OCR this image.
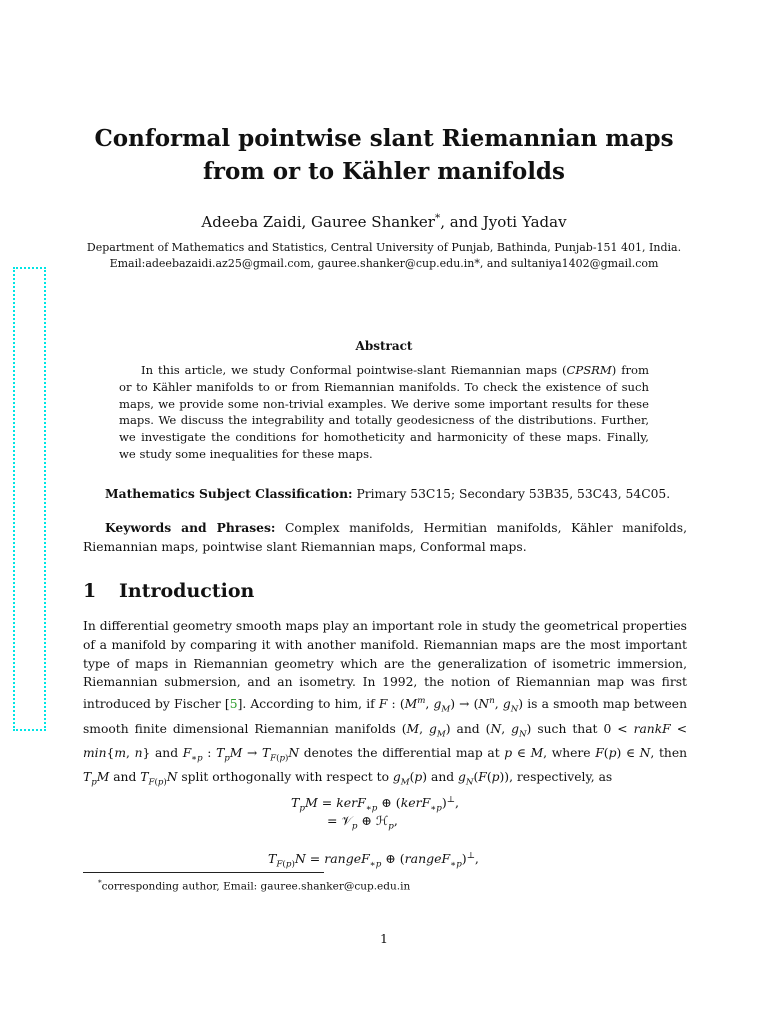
Conformal pointwise slant Riemannian maps
from or to Kähler manifolds
Adeeba Zaidi, Gauree Shanker*, and Jyoti Yadav
Department of Mathematics and Statistics, Central University of Punjab, Bathinda, Punjab-151 401, India.
Email:adeebazaidi.az25@gmail.com, gauree.shanker@cup.edu.in*, and sultaniya1402@gmail.com
Abstract
In this article, we study Conformal pointwise-slant Riemannian maps (CPSRM) from or to Kähler manifolds to or from Riemannian manifolds. To check the existence of such maps, we provide some non-trivial examples. We derive some important results for these maps. We discuss the integrability and totally geodesicness of the distributions. Further, we investigate the conditions for homotheticity and harmonicity of these maps. Finally, we study some inequalities for these maps.
Mathematics Subject Classification: Primary 53C15; Secondary 53B35, 53C43, 54C05.
Keywords and Phrases: Complex manifolds, Hermitian manifolds, Kähler manifolds, Riemannian maps, pointwise slant Riemannian maps, Conformal maps.
1 Introduction
In differential geometry smooth maps play an important role in study the geometrical properties of a manifold by comparing it with another manifold. Riemannian maps are the most important type of maps in Riemannian geometry which are the generalization of isometric immersion, Riemannian submersion, and an isometry. In 1992, the notion of Riemannian map was first introduced by Fischer [5]. According to him, if F : ($M^m$, $g_M) \to (N^n$, $g_N$) is a smooth map between smooth finite dimensional Riemannian manifolds (M, $g_M$) and (N, $g_N$) such that 0 < rankF < min{m, n} and $F_{∗p}$ : $T_pM \to T_{F(p)}N$ denotes the differential map at p ∈ M, where F(p) ∈ N, then $T_pM$ and $T_{F(p)}N$ split orthogonally with respect to $g_M(p)$ and $g_N(F(p))$, respectively, as
$T_pM$ = kerF$_{∗p}$ ⊕ (kerF$_{∗p}$)⊥,
= 𝒱$_p$ ⊕ ℋ$_p$,
$T_{F(p)}N$ = rangeF$_{∗p}$ ⊕ (rangeF$_{∗p}$)⊥,
*corresponding author, Email: gauree.shanker@cup.edu.in
1
